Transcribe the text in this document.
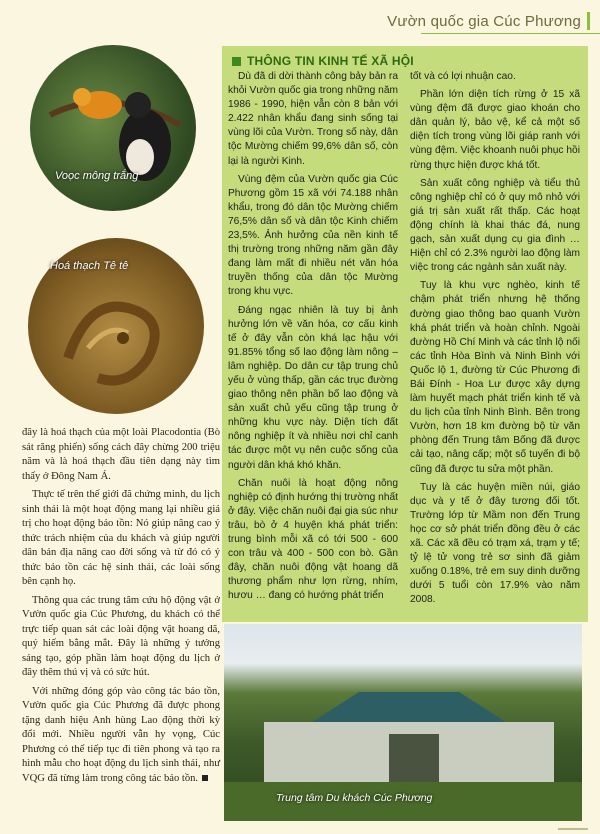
Vườn quốc gia Cúc Phương
Voọc mông trắng
Hoá thạch Tê tê

đây là hoá thạch của một loài Placodontia (Bò sát răng phiến) sống cách đây chừng 200 triệu năm và là hoá thạch đầu tiên dạng này tìm thấy ở Đông Nam Á.

Thực tế trên thế giới đã chứng minh, du lịch sinh thái là một hoạt động mang lại nhiều giá trị cho hoạt động bảo tồn: Nó giúp nâng cao ý thức trách nhiệm của du khách và giúp người dân bản địa nâng cao đời sống và từ đó có ý thức bảo tồn các hệ sinh thái, các loài sống bên cạnh họ.

Thông qua các trung tâm cứu hộ động vật ở Vườn quốc gia Cúc Phương, du khách có thể trực tiếp quan sát các loài động vật hoang dã, quý hiếm bằng mắt. Đây là những ý tưởng sáng tạo, góp phần làm hoạt động du lịch ở đây thêm thú vị và có sức hút.

Với những đóng góp vào công tác bảo tồn, Vườn quốc gia Cúc Phương đã được phong tặng danh hiệu Anh hùng Lao động thời kỳ đổi mới. Nhiều người vẫn hy vọng, Cúc Phương có thể tiếp tục đi tiên phong và tạo ra hình mẫu cho hoạt động du lịch sinh thái, như VQG đã từng làm trong công tác bảo tồn.

THÔNG TIN KINH TẾ XÃ HỘI

Dù đã di dời thành công bảy bản ra khỏi Vườn quốc gia trong những năm 1986 - 1990, hiện vẫn còn 8 bản với 2.422 nhân khẩu đang sinh sống tại vùng lõi của Vườn. Trong số này, dân tộc Mường chiếm 99,6% dân số, còn lại là người Kinh.

Vùng đệm của Vườn quốc gia Cúc Phương gồm 15 xã với 74.188 nhân khẩu, trong đó dân tộc Mường chiếm 76,5% dân số và dân tộc Kinh chiếm 23,5%. Ảnh hưởng của nền kinh tế thị trường trong những năm gần đây đang làm mất đi nhiều nét văn hóa truyền thống của dân tộc Mường trong khu vực.

Đáng ngạc nhiên là tuy bị ảnh hưởng lớn về văn hóa, cơ cấu kinh tế ở đây vẫn còn khá lạc hậu với 91.85% tổng số lao động làm nông – lâm nghiệp. Do dân cư tập trung chủ yếu ở vùng thấp, gần các trục đường giao thông nên phần bố lao động và sản xuất chủ yếu cũng tập trung ở những khu vực này. Diện tích đất nông nghiệp ít và nhiều nơi chỉ canh tác được một vụ nên cuộc sống của người dân khá khó khăn.

Chăn nuôi là hoạt động nông nghiệp có định hướng thị trường nhất ở đây. Việc chăn nuôi đại gia súc như trâu, bò ở 4 huyện khá phát triển: trung bình mỗi xã có tới 500 - 600 con trâu và 400 - 500 con bò. Gần đây, chăn nuôi động vật hoang dã thương phẩm như lợn rừng, nhím, hươu … đang có hướng phát triển

tốt và có lợi nhuận cao.

Phần lớn diện tích rừng ở 15 xã vùng đệm đã được giao khoán cho dân quản lý, bảo vệ, kể cả một số diện tích trong vùng lõi giáp ranh với vùng đệm. Việc khoanh nuôi phục hồi rừng thực hiện được khá tốt.

Sản xuất công nghiệp và tiểu thủ công nghiệp chỉ có ở quy mô nhỏ với giá trị sản xuất rất thấp. Các hoạt động chính là khai thác đá, nung gạch, sản xuất dụng cụ gia đình … Hiện chỉ có 2.3% người lao động làm việc trong các ngành sản xuất này.

Tuy là khu vực nghèo, kinh tế chậm phát triển nhưng hệ thống đường giao thông bao quanh Vườn khá phát triển và hoàn chỉnh. Ngoài đường Hồ Chí Minh và các tỉnh lộ nối các tỉnh Hòa Bình và Ninh Bình với Quốc lộ 1, đường từ Cúc Phương đi Bái Đính - Hoa Lư được xây dựng làm huyết mạch phát triển kinh tế và du lịch của tỉnh Ninh Bình. Bên trong Vườn, hơn 18 km đường bộ từ văn phòng đến Trung tâm Bống đã được cải tạo, nâng cấp; một số tuyến đi bộ cũng đã được tu sửa một phần.

Tuy là các huyện miền núi, giáo dục và y tế ở đây tương đối tốt. Trường lớp từ Mầm non đến Trung học cơ sở phát triển đồng đều ở các xã. Các xã đều có trạm xá, trạm y tế; tỷ lệ tử vong trẻ sơ sinh đã giảm xuống 0.18%, trẻ em suy dinh dưỡng dưới 5 tuổi còn 17.9% vào năm 2008.

Trung tâm Du khách Cúc Phương
